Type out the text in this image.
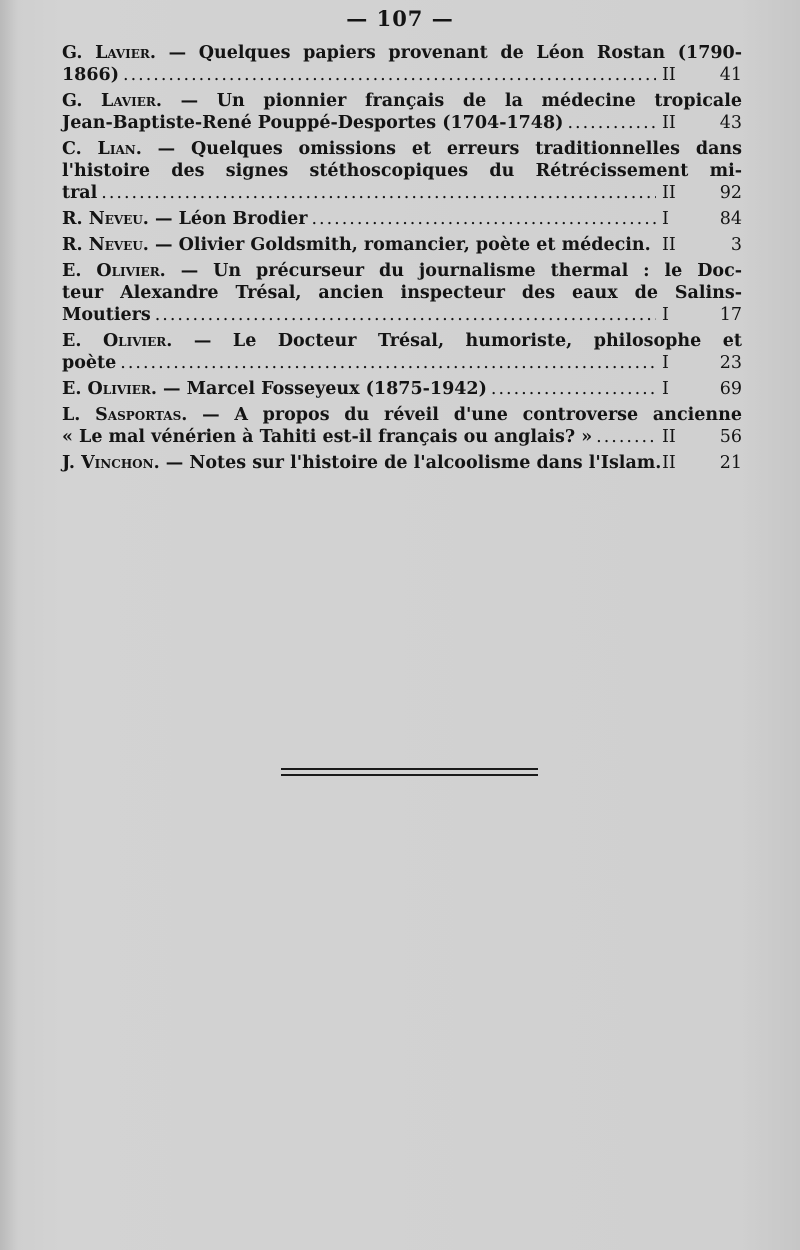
— 107 —
G. Lavier. — Quelques papiers provenant de Léon Rostan (1790-
1866) .....	II	41
G. Lavier. — Un pionnier français de la médecine tropicale
Jean-Baptiste-René Pouppé-Desportes (1704-1748) .....	II	43
C. Lian. — Quelques omissions et erreurs traditionnelles dans
l'histoire des signes stéthoscopiques du Rétrécissement mi-
tral .....	II	92
R. Neveu. — Léon Brodier .....	I	84
R. Neveu. — Olivier Goldsmith, romancier, poète et médecin. II	3
E. Olivier. — Un précurseur du journalisme thermal : le Doc-
teur Alexandre Trésal, ancien inspecteur des eaux de Salins-
Moutiers .....	I	17
E. Olivier. — Le Docteur Trésal, humoriste, philosophe et
poète .....	I	23
E. Olivier. — Marcel Fosseyeux (1875-1942) .....	I	69
L. Sasportas. — A propos du réveil d'une controverse ancienne
« Le mal vénérien à Tahiti est-il français ou anglais? » .....	II	56
J. Vinchon. — Notes sur l'histoire de l'alcoolisme dans l'Islam. II	21
